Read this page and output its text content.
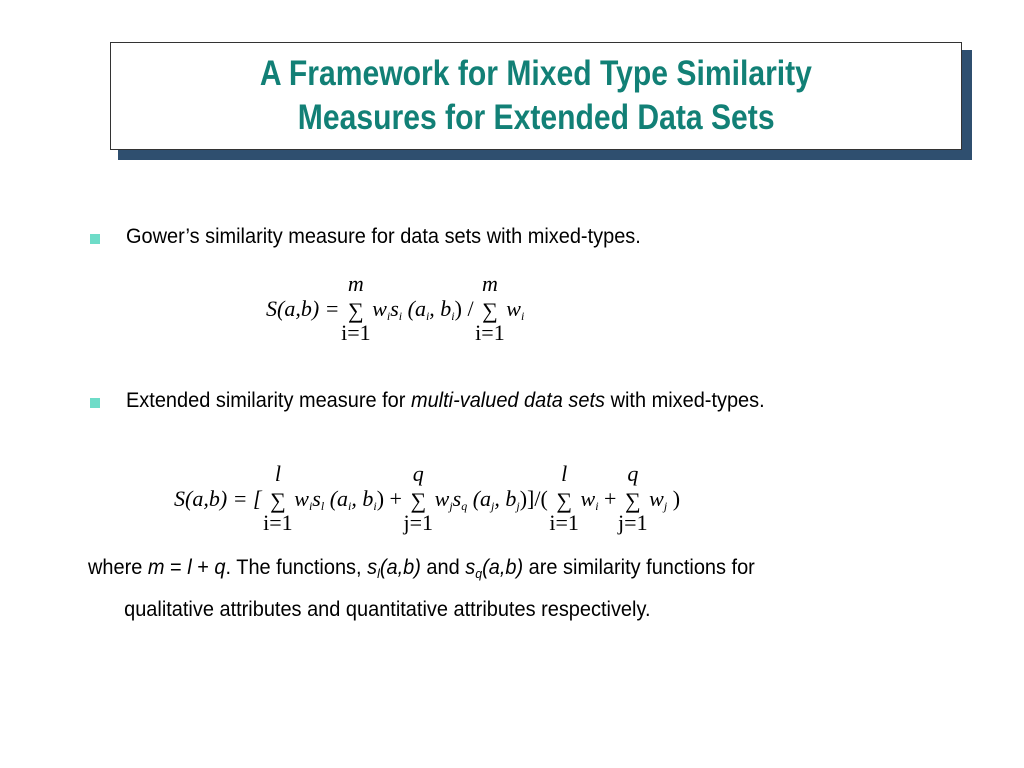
A Framework for Mixed Type Similarity
Measures for Extended Data Sets
Gower’s similarity measure for data sets with mixed-types.
S(a,b) =
m
∑
i=1
$w_is_i$ ($a_i$, $b_i$) /
m
∑
i=1
$w_i$
Extended similarity measure for multi-valued data sets with mixed-types.
S(a,b) = [
l
∑
i=1
$w_is_l$ ($a_i$, $b_i$) +
q
∑
j=1
$w_js_q$ ($a_j$, $b_j)]/$(
l
∑
i=1
$w_i$ +
q
∑
j=1
$w_j$ )
where m = l + q. The functions, sl(a,b) and sq(a,b) are similarity functions for
qualitative attributes and quantitative attributes respectively.
